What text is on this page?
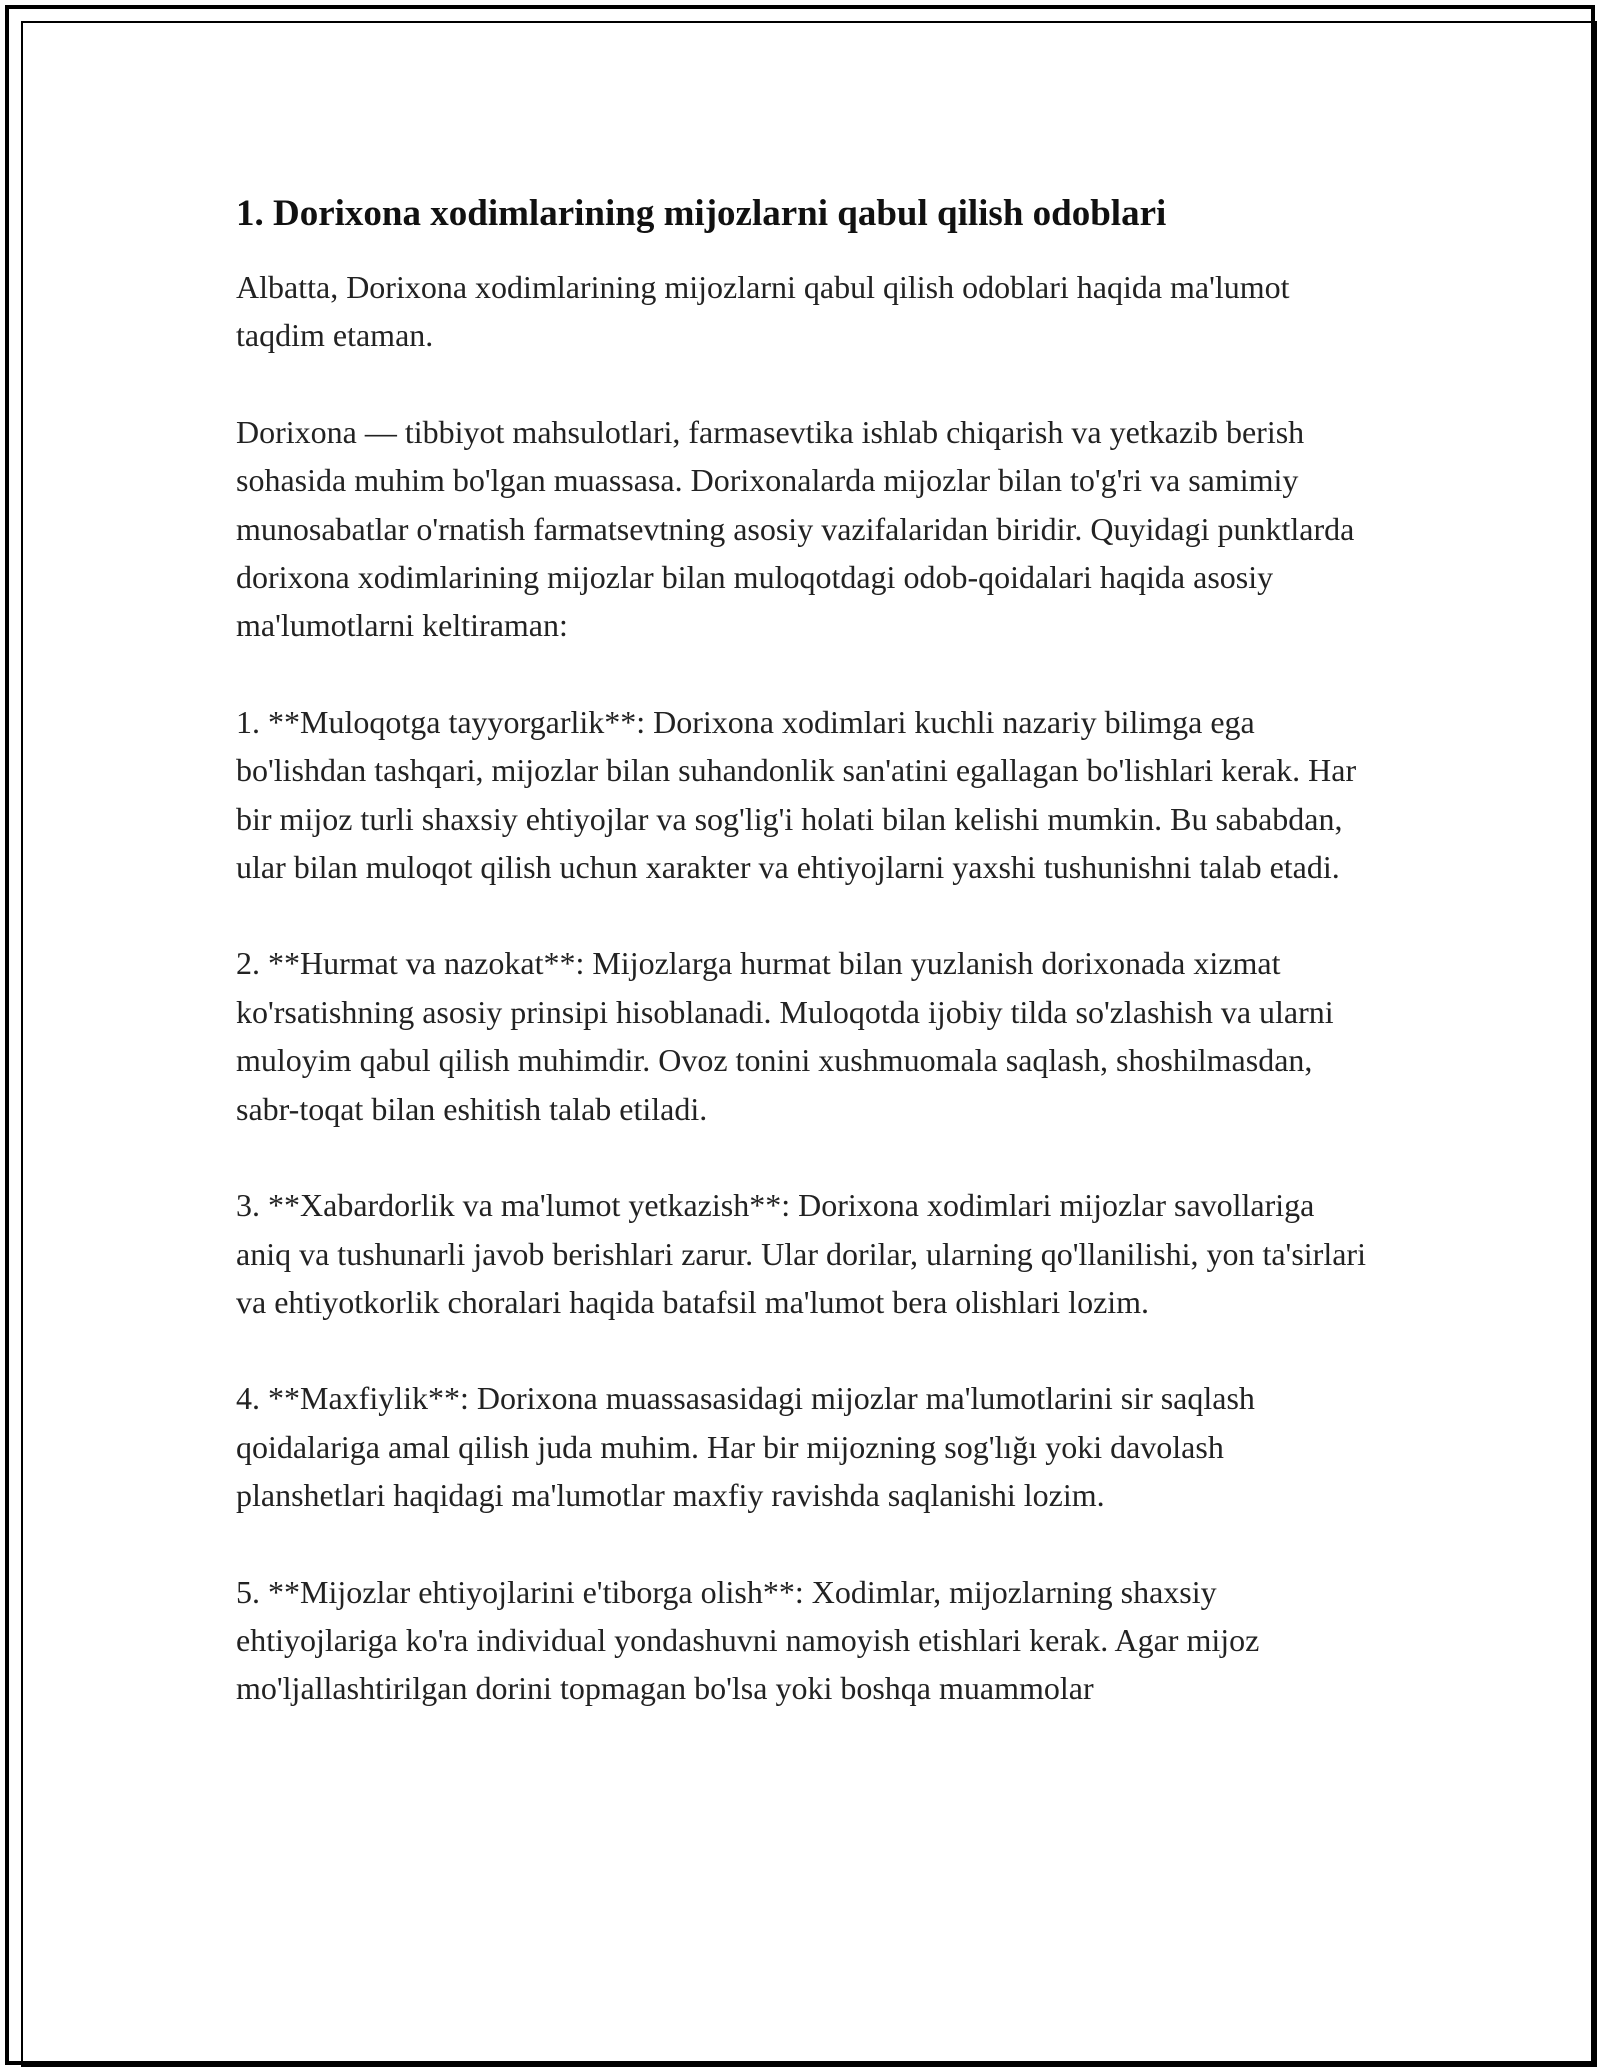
1. Dorixona xodimlarining mijozlarni qabul qilish odoblari

Albatta, Dorixona xodimlarining mijozlarni qabul qilish odoblari haqida ma'lumot taqdim etaman.

Dorixona — tibbiyot mahsulotlari, farmasevtika ishlab chiqarish va yetkazib berish sohasida muhim bo'lgan muassasa. Dorixonalarda mijozlar bilan to'g'ri va samimiy munosabatlar o'rnatish farmatsevtning asosiy vazifalaridan biridir. Quyidagi punktlarda dorixona xodimlarining mijozlar bilan muloqotdagi odob-qoidalari haqida asosiy ma'lumotlarni keltiraman:

1. **Muloqotga tayyorgarlik**: Dorixona xodimlari kuchli nazariy bilimga ega bo'lishdan tashqari, mijozlar bilan suhandonlik san'atini egallagan bo'lishlari kerak. Har bir mijoz turli shaxsiy ehtiyojlar va sog'lig'i holati bilan kelishi mumkin. Bu sababdan, ular bilan muloqot qilish uchun xarakter va ehtiyojlarni yaxshi tushunishni talab etadi.

2. **Hurmat va nazokat**: Mijozlarga hurmat bilan yuzlanish dorixonada xizmat ko'rsatishning asosiy prinsipi hisoblanadi. Muloqotda ijobiy tilda so'zlashish va ularni muloyim qabul qilish muhimdir. Ovoz tonini xushmuomala saqlash, shoshilmasdan, sabr-toqat bilan eshitish talab etiladi.

3. **Xabardorlik va ma'lumot yetkazish**: Dorixona xodimlari mijozlar savollariga aniq va tushunarli javob berishlari zarur. Ular dorilar, ularning qo'llanilishi, yon ta'sirlari va ehtiyotkorlik choralari haqida batafsil ma'lumot bera olishlari lozim.

4. **Maxfiylik**: Dorixona muassasasidagi mijozlar ma'lumotlarini sir saqlash qoidalariga amal qilish juda muhim. Har bir mijozning sog'lığı yoki davolash planshetlari haqidagi ma'lumotlar maxfiy ravishda saqlanishi lozim.

5. **Mijozlar ehtiyojlarini e'tiborga olish**: Xodimlar, mijozlarning shaxsiy ehtiyojlariga ko'ra individual yondashuvni namoyish etishlari kerak. Agar mijoz mo'ljallashtirilgan dorini topmagan bo'lsa yoki boshqa muammolar
